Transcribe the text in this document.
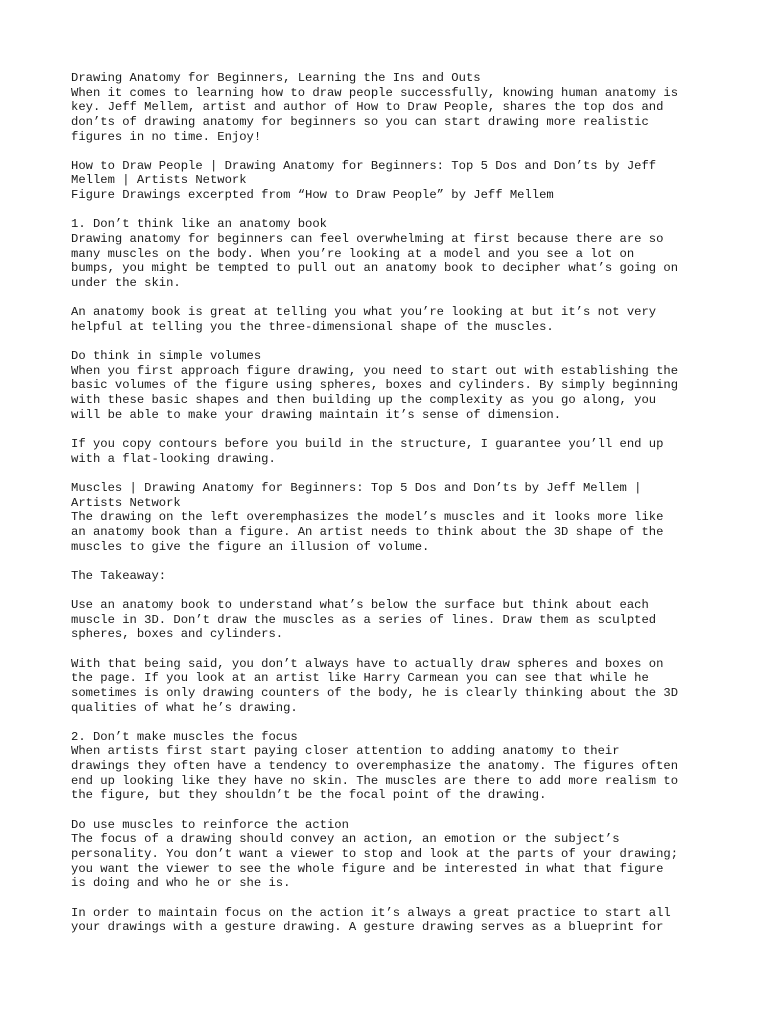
Drawing Anatomy for Beginners, Learning the Ins and Outs
When it comes to learning how to draw people successfully, knowing human anatomy is
key. Jeff Mellem, artist and author of How to Draw People, shares the top dos and
don’ts of drawing anatomy for beginners so you can start drawing more realistic
figures in no time. Enjoy!
How to Draw People | Drawing Anatomy for Beginners: Top 5 Dos and Don’ts by Jeff
Mellem | Artists Network
Figure Drawings excerpted from “How to Draw People” by Jeff Mellem
1. Don’t think like an anatomy book
Drawing anatomy for beginners can feel overwhelming at first because there are so
many muscles on the body. When you’re looking at a model and you see a lot on
bumps, you might be tempted to pull out an anatomy book to decipher what’s going on
under the skin.
An anatomy book is great at telling you what you’re looking at but it’s not very
helpful at telling you the three-dimensional shape of the muscles.
Do think in simple volumes
When you first approach figure drawing, you need to start out with establishing the
basic volumes of the figure using spheres, boxes and cylinders. By simply beginning
with these basic shapes and then building up the complexity as you go along, you
will be able to make your drawing maintain it’s sense of dimension.
If you copy contours before you build in the structure, I guarantee you’ll end up
with a flat-looking drawing.
Muscles | Drawing Anatomy for Beginners: Top 5 Dos and Don’ts by Jeff Mellem |
Artists Network
The drawing on the left overemphasizes the model’s muscles and it looks more like
an anatomy book than a figure. An artist needs to think about the 3D shape of the
muscles to give the figure an illusion of volume.
The Takeaway:
Use an anatomy book to understand what’s below the surface but think about each
muscle in 3D. Don’t draw the muscles as a series of lines. Draw them as sculpted
spheres, boxes and cylinders.
With that being said, you don’t always have to actually draw spheres and boxes on
the page. If you look at an artist like Harry Carmean you can see that while he
sometimes is only drawing counters of the body, he is clearly thinking about the 3D
qualities of what he’s drawing.
2. Don’t make muscles the focus
When artists first start paying closer attention to adding anatomy to their
drawings they often have a tendency to overemphasize the anatomy. The figures often
end up looking like they have no skin. The muscles are there to add more realism to
the figure, but they shouldn’t be the focal point of the drawing.
Do use muscles to reinforce the action
The focus of a drawing should convey an action, an emotion or the subject’s
personality. You don’t want a viewer to stop and look at the parts of your drawing;
you want the viewer to see the whole figure and be interested in what that figure
is doing and who he or she is.
In order to maintain focus on the action it’s always a great practice to start all
your drawings with a gesture drawing. A gesture drawing serves as a blueprint for
